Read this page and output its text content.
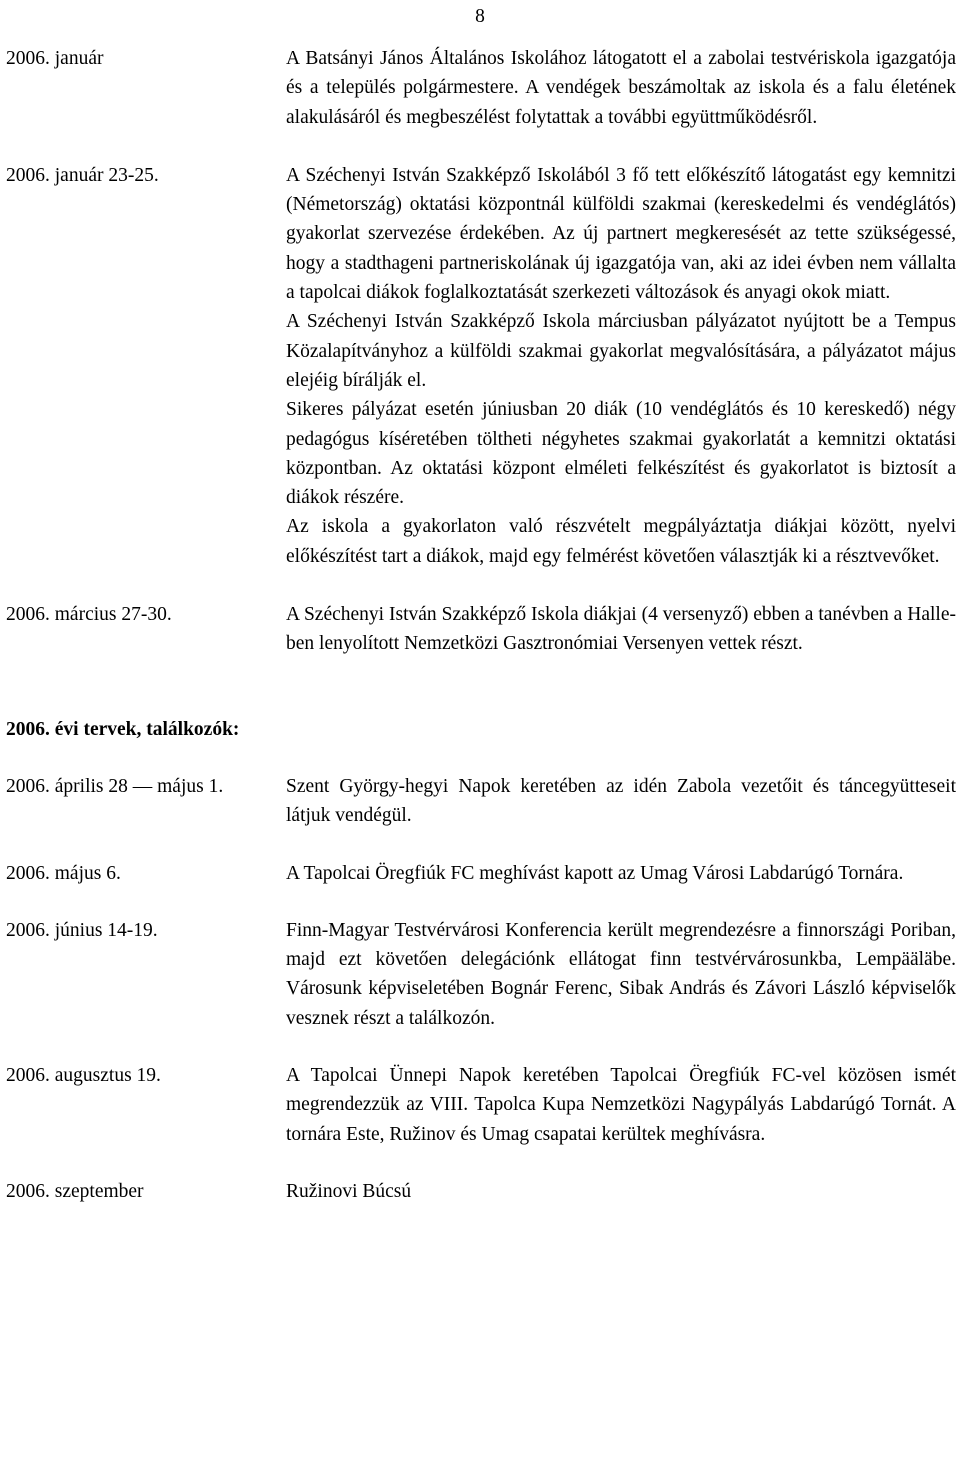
8
2006. január	A Batsányi János Általános Iskolához látogatott el a zabolai testvériskola igazgatója és a település polgármestere. A vendégek beszámoltak az iskola és a falu életének alakulásáról és megbeszélést folytattak a további együttműködésről.

2006. január 23-25.	A Széchenyi István Szakképző Iskolából 3 fő tett előkészítő látogatást egy kemnitzi (Németország) oktatási központnál külföldi szakmai (kereskedelmi és vendéglátós) gyakorlat szervezése érdekében. Az új partnert megkeresését az tette szükségessé, hogy a stadthageni partneriskolának új igazgatója van, aki az idei évben nem vállalta a tapolcai diákok foglalkoztatását szerkezeti változások és anyagi okok miatt.

A Széchenyi István Szakképző Iskola márciusban pályázatot nyújtott be a Tempus Közalapítványhoz a külföldi szakmai gyakorlat megvalósítására, a pályázatot május elejéig bírálják el.

Sikeres pályázat esetén júniusban 20 diák (10 vendéglátós és 10 kereskedő) négy pedagógus kíséretében töltheti négyhetes szakmai gyakorlatát a kemnitzi oktatási központban. Az oktatási központ elméleti felkészítést és gyakorlatot is biztosít a diákok részére.

Az iskola a gyakorlaton való részvételt megpályáztatja diákjai között, nyelvi előkészítést tart a diákok, majd egy felmérést követően választják ki a résztvevőket.

2006. március 27-30.	A Széchenyi István Szakképző Iskola diákjai (4 versenyző) ebben a tanévben a Halle-ben lenyolított Nemzetközi Gasztronómiai Versenyen vettek részt.

2006. évi tervek, találkozók:

2006. április 28 — május 1.	Szent György-hegyi Napok keretében az idén Zabola vezetőit és táncegyütteseit látjuk vendégül.

2006. május 6.	A Tapolcai Öregfiúk FC meghívást kapott az Umag Városi Labdarúgó Tornára.

2006. június 14-19.	Finn-Magyar Testvérvárosi Konferencia került megrendezésre a finnországi Poriban, majd ezt követően delegációnk ellátogat finn testvérvárosunkba, Lempääläbe. Városunk képviseletében Bognár Ferenc, Sibak András és Závori László képviselők vesznek részt a találkozón.

2006. augusztus 19.	A Tapolcai Ünnepi Napok keretében Tapolcai Öregfiúk FC-vel közösen ismét megrendezzük az VIII. Tapolca Kupa Nemzetközi Nagypályás Labdarúgó Tornát. A tornára Este, Ružinov és Umag csapatai kerültek meghívásra.

2006. szeptember	Ružinovi Búcsú
